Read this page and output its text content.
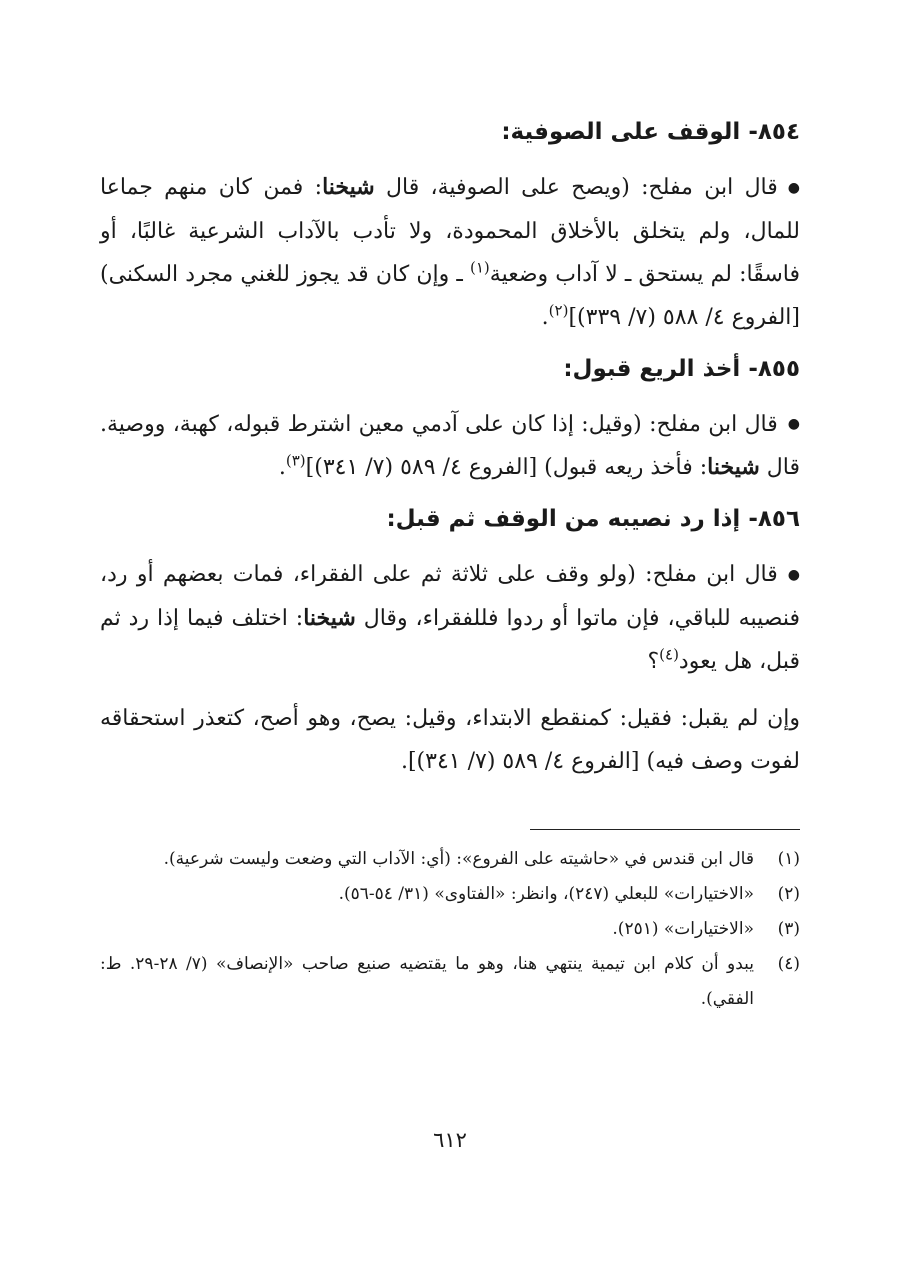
٨٥٤- الوقف على الصوفية:

●قال ابن مفلح: (ويصح على الصوفية، قال شيخنا: فمن كان منهم جماعا للمال، ولم يتخلق بالأخلاق المحمودة، ولا تأدب بالآداب الشرعية غالبًا، أو فاسقًا: لم يستحق ـ لا آداب وضعية$^{(١)}$ ـ وإن كان قد يجوز للغني مجرد السكنى) [الفروع ٤/ ٥٨٨ (٧/ ٣٣٩)]$^{(٢)}$.

٨٥٥- أخذ الريع قبول:

●قال ابن مفلح: (وقيل: إذا كان على آدمي معين اشترط قبوله، كهبة، ووصية. قال شيخنا: فأخذ ريعه قبول) [الفروع ٤/ ٥٨٩ (٧/ ٣٤١)]$^{(٣)}$.

٨٥٦- إذا رد نصيبه من الوقف ثم قبل:

●قال ابن مفلح: (ولو وقف على ثلاثة ثم على الفقراء، فمات بعضهم أو رد، فنصيبه للباقي، فإن ماتوا أو ردوا فللفقراء، وقال شيخنا: اختلف فيما إذا رد ثم قبل، هل يعود$^{(٤)}$؟

وإن لم يقبل: فقيل: كمنقطع الابتداء، وقيل: يصح، وهو أصح، كتعذر استحقاقه لفوت وصف فيه) [الفروع ٤/ ٥٨٩ (٧/ ٣٤١)].

(١)
قال ابن قندس في «حاشيته على الفروع»: (أي: الآداب التي وضعت وليست شرعية).
(٢)
«الاختيارات» للبعلي (٢٤٧)، وانظر: «الفتاوى» (٣١/ ٥٤-٥٦).
(٣)
«الاختيارات» (٢٥١).
(٤)
يبدو أن كلام ابن تيمية ينتهي هنا، وهو ما يقتضيه صنيع صاحب «الإنصاف» (٧/ ٢٨-٢٩. ط: الفقي).
٦١٢
